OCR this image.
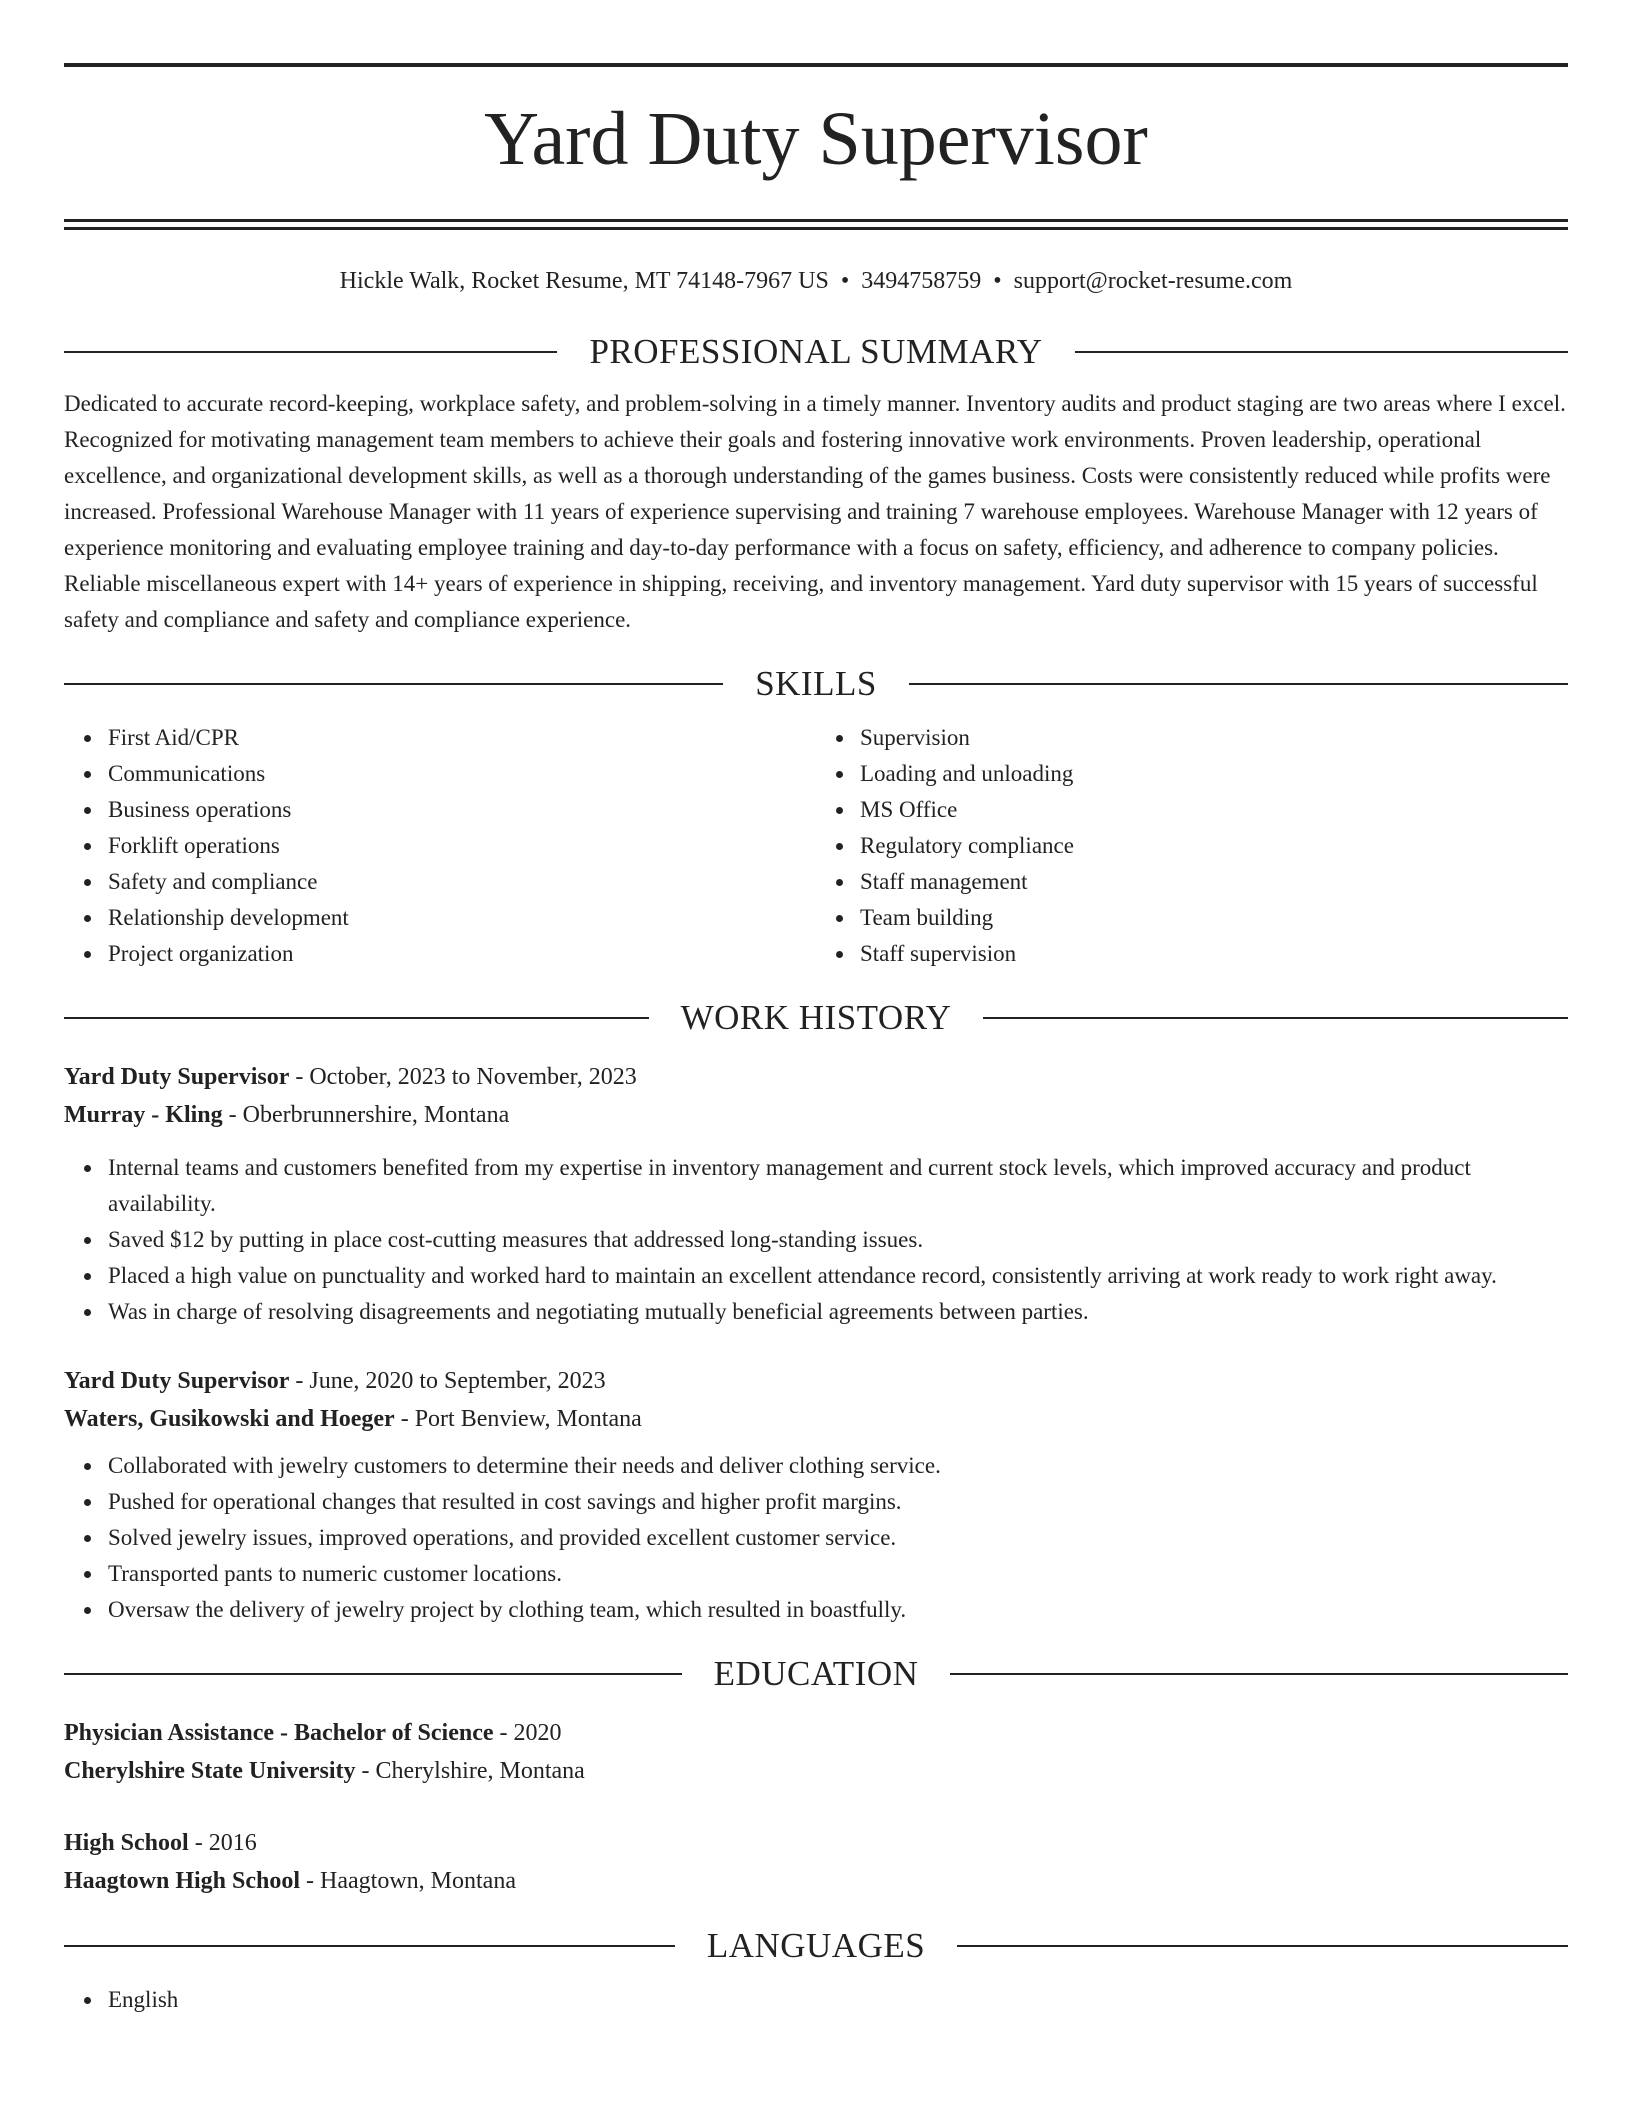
Yard Duty Supervisor
Hickle Walk, Rocket Resume, MT 74148-7967 US • 3494758759 • support@rocket-resume.com
PROFESSIONAL SUMMARY
Dedicated to accurate record-keeping, workplace safety, and problem-solving in a timely manner. Inventory audits and product staging are two areas where I excel. Recognized for motivating management team members to achieve their goals and fostering innovative work environments. Proven leadership, operational excellence, and organizational development skills, as well as a thorough understanding of the games business. Costs were consistently reduced while profits were increased. Professional Warehouse Manager with 11 years of experience supervising and training 7 warehouse employees. Warehouse Manager with 12 years of experience monitoring and evaluating employee training and day-to-day performance with a focus on safety, efficiency, and adherence to company policies. Reliable miscellaneous expert with 14+ years of experience in shipping, receiving, and inventory management. Yard duty supervisor with 15 years of successful safety and compliance and safety and compliance experience.
SKILLS
First Aid/CPR
Communications
Business operations
Forklift operations
Safety and compliance
Relationship development
Project organization
Supervision
Loading and unloading
MS Office
Regulatory compliance
Staff management
Team building
Staff supervision
WORK HISTORY
Yard Duty Supervisor - October, 2023 to November, 2023
Murray - Kling - Oberbrunnershire, Montana
Internal teams and customers benefited from my expertise in inventory management and current stock levels, which improved accuracy and product availability.
Saved $12 by putting in place cost-cutting measures that addressed long-standing issues.
Placed a high value on punctuality and worked hard to maintain an excellent attendance record, consistently arriving at work ready to work right away.
Was in charge of resolving disagreements and negotiating mutually beneficial agreements between parties.
Yard Duty Supervisor - June, 2020 to September, 2023
Waters, Gusikowski and Hoeger - Port Benview, Montana
Collaborated with jewelry customers to determine their needs and deliver clothing service.
Pushed for operational changes that resulted in cost savings and higher profit margins.
Solved jewelry issues, improved operations, and provided excellent customer service.
Transported pants to numeric customer locations.
Oversaw the delivery of jewelry project by clothing team, which resulted in boastfully.
EDUCATION
Physician Assistance - Bachelor of Science - 2020
Cherylshire State University - Cherylshire, Montana
High School - 2016
Haagtown High School - Haagtown, Montana
LANGUAGES
English
